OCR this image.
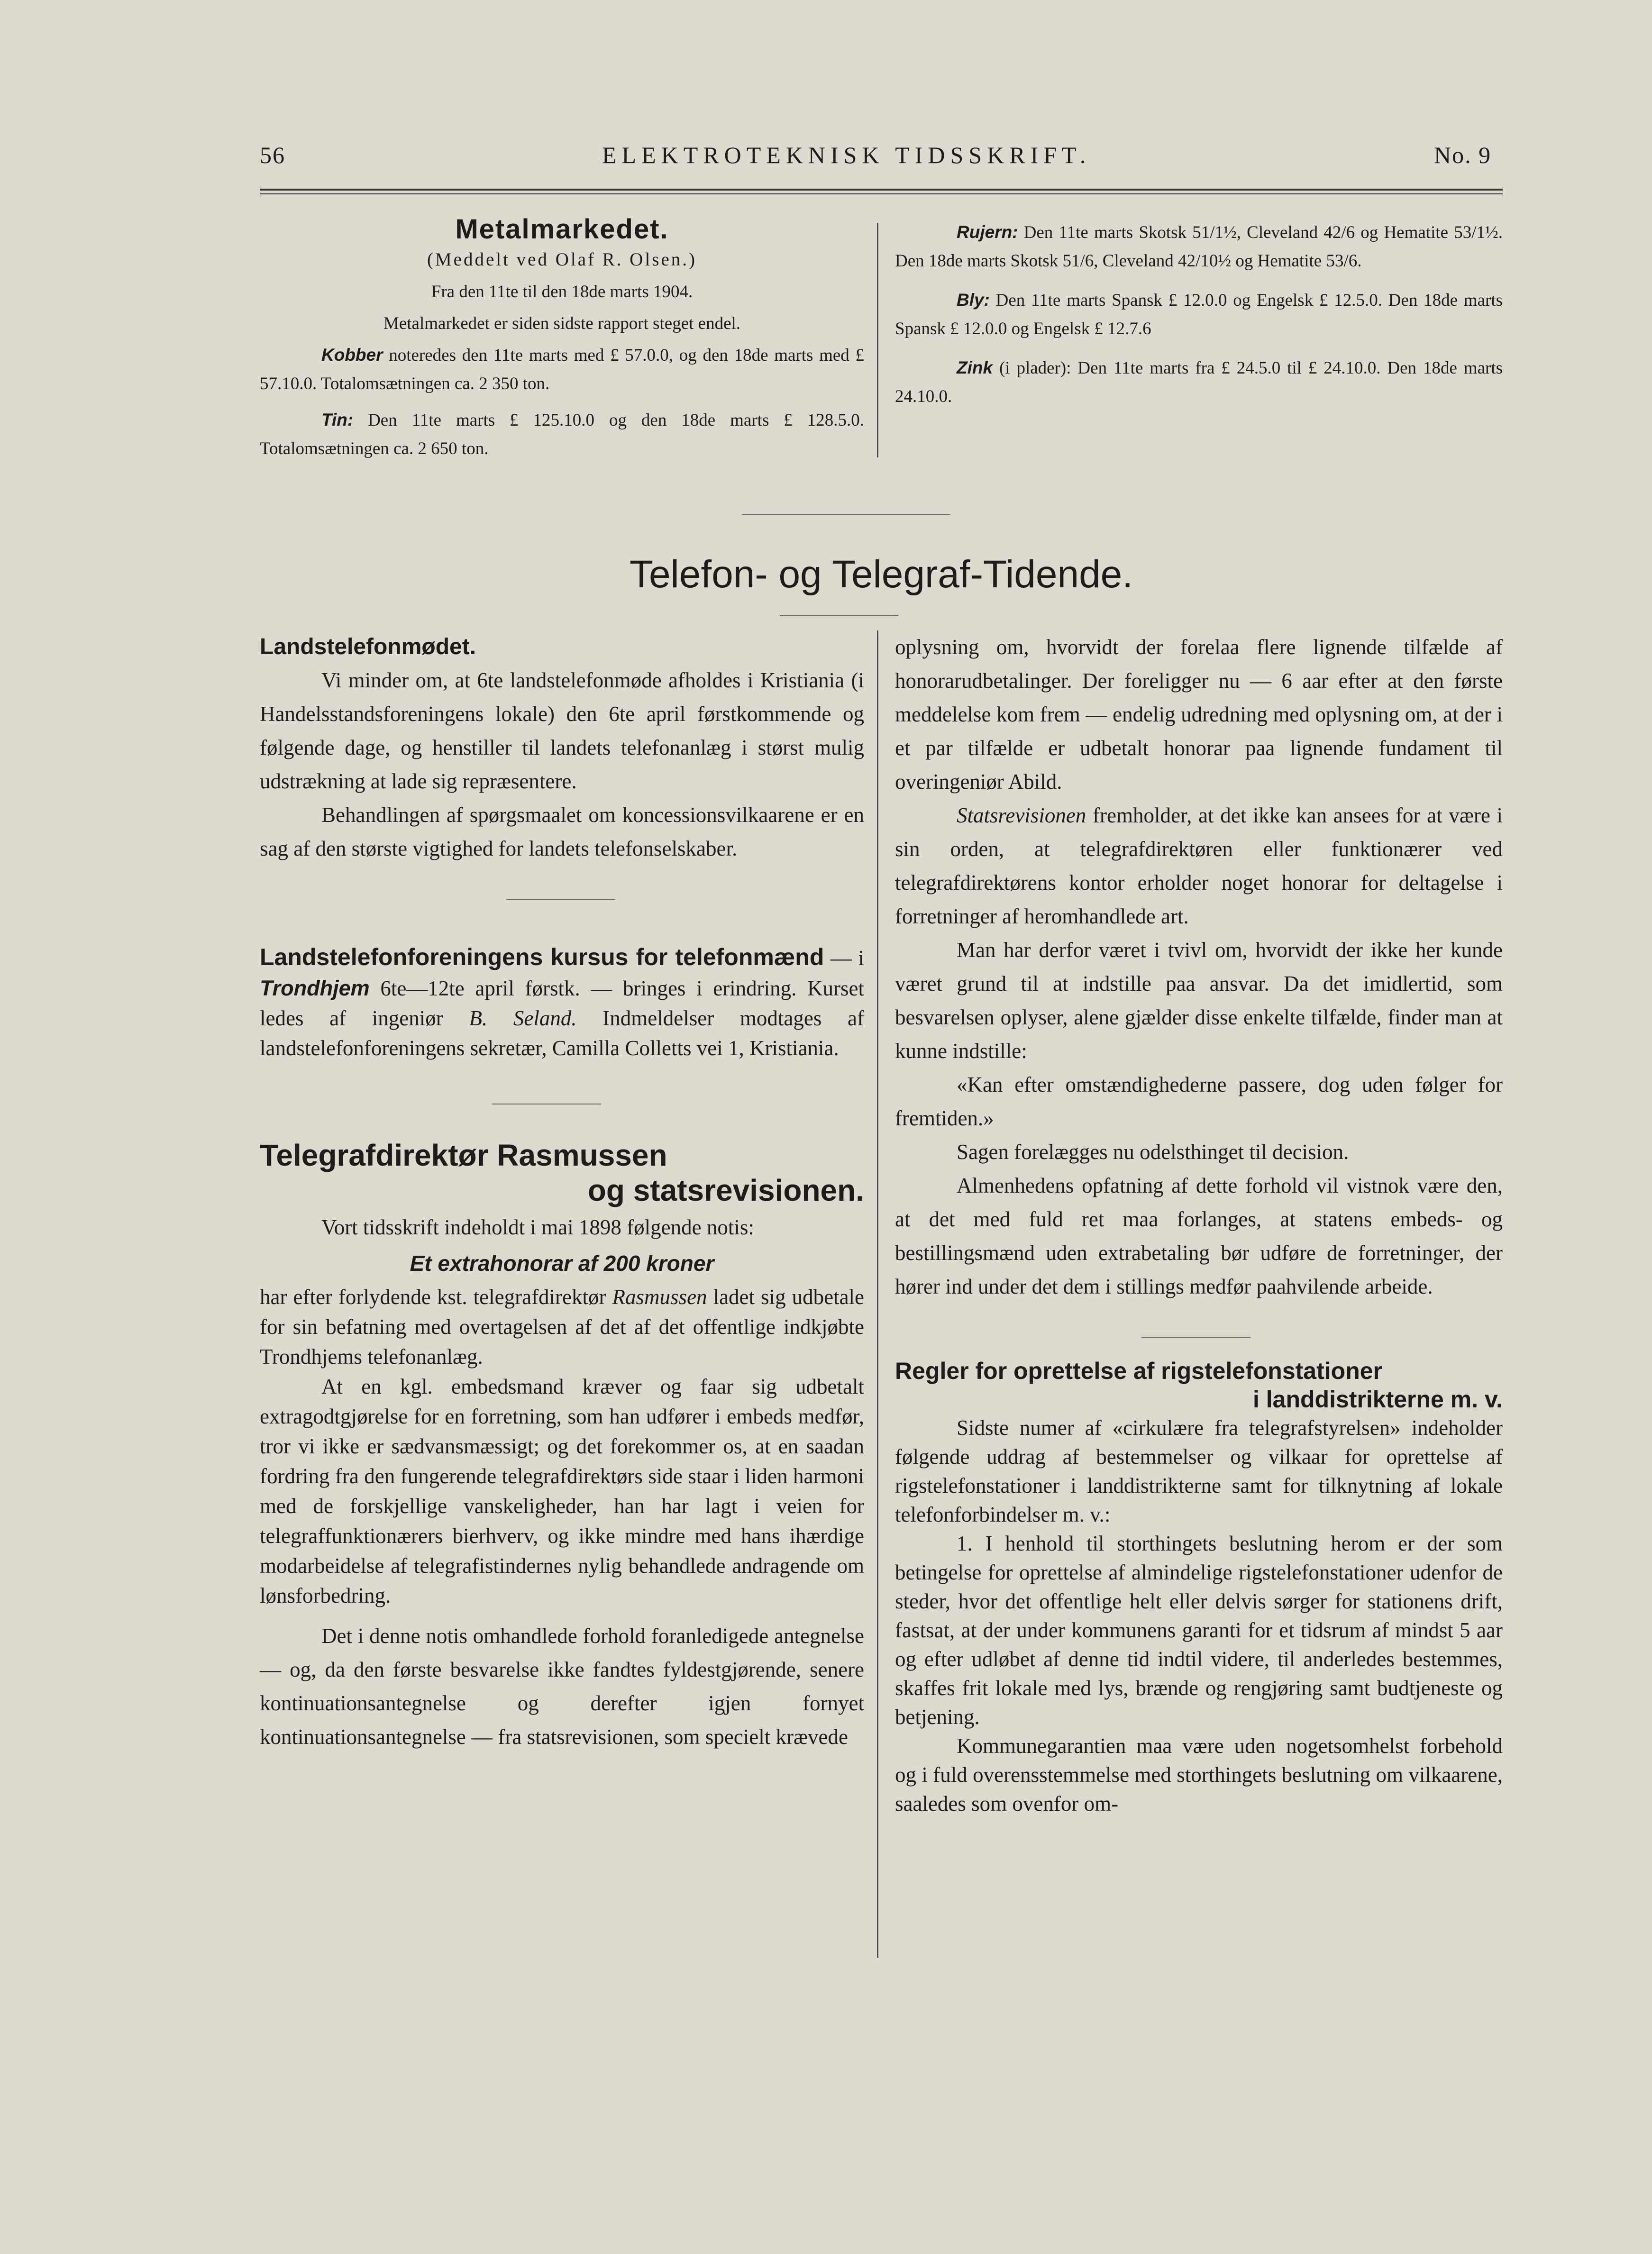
56	ELEKTROTEKNISK TIDSSKRIFT.	No. 9
Metalmarkedet.
(Meddelt ved Olaf R. Olsen.)
Fra den 11te til den 18de marts 1904.

Metalmarkedet er siden sidste rapport steget endel.

Kobber noteredes den 11te marts med £ 57.0.0, og den 18de marts med £ 57.10.0. Totalomsætningen ca. 2 350 ton.

Tin: Den 11te marts £ 125.10.0 og den 18de marts £ 128.5.0. Totalomsætningen ca. 2 650 ton.

Rujern: Den 11te marts Skotsk 51/1½, Cleveland 42/6 og Hematite 53/1½. Den 18de marts Skotsk 51/6, Cleveland 42/10½ og Hematite 53/6.

Bly: Den 11te marts Spansk £ 12.0.0 og Engelsk £ 12.5.0. Den 18de marts Spansk £ 12.0.0 og Engelsk £ 12.7.6

Zink (i plader): Den 11te marts fra £ 24.5.0 til £ 24.10.0. Den 18de marts 24.10.0.

Telefon- og Telegraf-Tidende.
Landstelefonmødet.

Vi minder om, at 6te landstelefonmøde afholdes i Kristiania (i Handelsstandsforeningens lokale) den 6te april førstkommende og følgende dage, og henstiller til landets telefonanlæg i størst mulig udstrækning at lade sig repræsentere.

Behandlingen af spørgsmaalet om koncessionsvilkaarene er en sag af den største vigtighed for landets telefonselskaber.

Landstelefonforeningens kursus for telefonmænd — i Trondhjem 6te—12te april førstk. — bringes i erindring. Kurset ledes af ingeniør B. Seland. Indmeldelser modtages af landstelefonforeningens sekretær, Camilla Colletts vei 1, Kristiania.

Telegrafdirektør Rasmussen
og statsrevisionen.

Vort tidsskrift indeholdt i mai 1898 følgende notis:

Et extrahonorar af 200 kroner

har efter forlydende kst. telegrafdirektør Rasmussen ladet sig udbetale for sin befatning med overtagelsen af det af det offentlige indkjøbte Trondhjems telefonanlæg.

At en kgl. embedsmand kræver og faar sig udbetalt extragodtgjørelse for en forretning, som han udfører i embeds medfør, tror vi ikke er sædvansmæssigt; og det forekommer os, at en saadan fordring fra den fungerende telegrafdirektørs side staar i liden harmoni med de forskjellige vanskeligheder, han har lagt i veien for telegraffunktionærers bierhverv, og ikke mindre med hans ihærdige modarbeidelse af telegrafistindernes nylig behandlede andragende om lønsforbedring.

Det i denne notis omhandlede forhold foranledigede antegnelse — og, da den første besvarelse ikke fandtes fyldestgjørende, senere kontinuationsantegnelse og derefter igjen fornyet kontinuationsantegnelse — fra statsrevisionen, som specielt krævede

oplysning om, hvorvidt der forelaa flere lignende tilfælde af honorarudbetalinger. Der foreligger nu — 6 aar efter at den første meddelelse kom frem — endelig udredning med oplysning om, at der i et par tilfælde er udbetalt honorar paa lignende fundament til overingeniør Abild.

Statsrevisionen fremholder, at det ikke kan ansees for at være i sin orden, at telegrafdirektøren eller funktionærer ved telegrafdirektørens kontor erholder noget honorar for deltagelse i forretninger af heromhandlede art.

Man har derfor været i tvivl om, hvorvidt der ikke her kunde været grund til at indstille paa ansvar. Da det imidlertid, som besvarelsen oplyser, alene gjælder disse enkelte tilfælde, finder man at kunne indstille:

«Kan efter omstændighederne passere, dog uden følger for fremtiden.»

Sagen forelægges nu odelsthinget til decision.

Almenhedens opfatning af dette forhold vil vistnok være den, at det med fuld ret maa forlanges, at statens embeds- og bestillingsmænd uden extrabetaling bør udføre de forretninger, der hører ind under det dem i stillings medfør paahvilende arbeide.

Regler for oprettelse af rigstelefonstationer
i landdistrikterne m. v.

Sidste numer af «cirkulære fra telegrafstyrelsen» indeholder følgende uddrag af bestemmelser og vilkaar for oprettelse af rigstelefonstationer i landdistrikterne samt for tilknytning af lokale telefonforbindelser m. v.:

1. I henhold til storthingets beslutning herom er der som betingelse for oprettelse af almindelige rigstelefonstationer udenfor de steder, hvor det offentlige helt eller delvis sørger for stationens drift, fastsat, at der under kommunens garanti for et tidsrum af mindst 5 aar og efter udløbet af denne tid indtil videre, til anderledes bestemmes, skaffes frit lokale med lys, brænde og rengjøring samt budtjeneste og betjening.

Kommunegarantien maa være uden nogetsomhelst forbehold og i fuld overensstemmelse med storthingets beslutning om vilkaarene, saaledes som ovenfor om-
